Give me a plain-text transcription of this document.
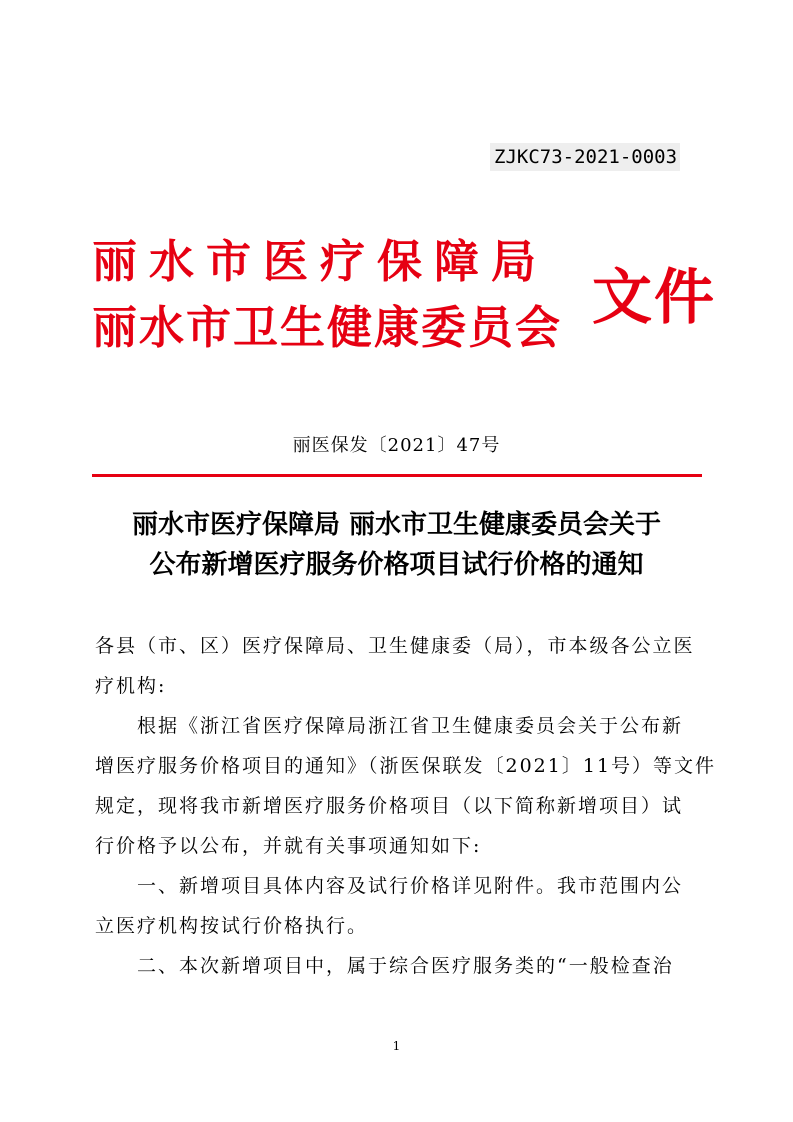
ZJKC73-2021-0003
丽水市医疗保障局
丽水市卫生健康委员会 文件
丽医保发〔2021〕47号
丽水市医疗保障局 丽水市卫生健康委员会关于
公布新增医疗服务价格项目试行价格的通知
各县（市、区）医疗保障局、卫生健康委（局），市本级各公立医
疗机构:
　　根据《浙江省医疗保障局浙江省卫生健康委员会关于公布新
增医疗服务价格项目的通知》（浙医保联发〔2021〕11号）等文件
规定，现将我市新增医疗服务价格项目（以下简称新增项目）试
行价格予以公布，并就有关事项通知如下:
　　一、新增项目具体内容及试行价格详见附件。我市范围内公
立医疗机构按试行价格执行。
　　二、本次新增项目中，属于综合医疗服务类的“一般检查治
1
